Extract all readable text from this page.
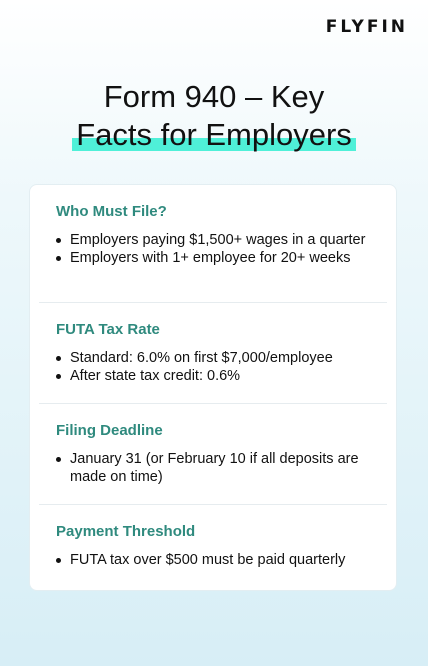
FLYFIN
Form 940 – Key
Facts for Employers
Who Must File?
Employers paying $1,500+ wages in a quarter
Employers with 1+ employee for 20+ weeks
FUTA Tax Rate
Standard: 6.0% on first $7,000/employee
After state tax credit: 0.6%
Filing Deadline
January 31 (or February 10 if all deposits are made on time)
Payment Threshold
FUTA tax over $500 must be paid quarterly
